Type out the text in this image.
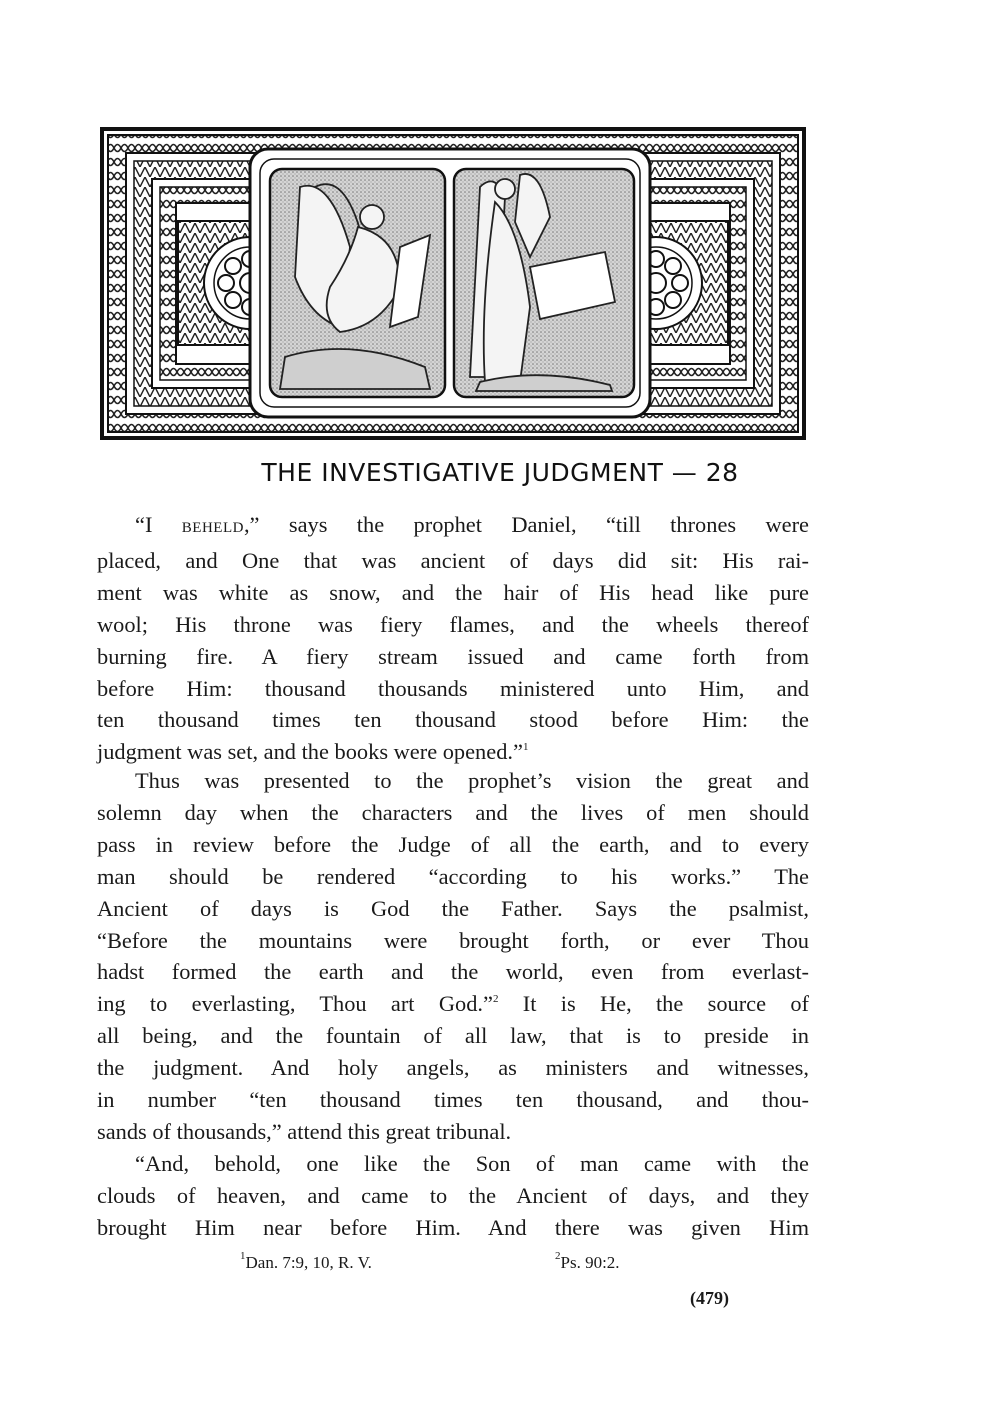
THE INVESTIGATIVE JUDGMENT — 28
“I BEHELD,” says the prophet Daniel, “till thrones were
placed, and One that was ancient of days did sit: His rai-
ment was white as snow, and the hair of His head like pure
wool; His throne was fiery flames, and the wheels thereof
burning fire. A fiery stream issued and came forth from
before Him: thousand thousands ministered unto Him, and
ten thousand times ten thousand stood before Him: the
judgment was set, and the books were opened.”$^1$
Thus was presented to the prophet’s vision the great and
solemn day when the characters and the lives of men should
pass in review before the Judge of all the earth, and to every
man should be rendered “according to his works.” The
Ancient of days is God the Father. Says the psalmist,
“Before the mountains were brought forth, or ever Thou
hadst formed the earth and the world, even from everlast-
ing to everlasting, Thou art God.”$^2$ It is He, the source of
all being, and the fountain of all law, that is to preside in
the judgment. And holy angels, as ministers and witnesses,
in number “ten thousand times ten thousand, and thou-
sands of thousands,” attend this great tribunal.
“And, behold, one like the Son of man came with the
clouds of heaven, and came to the Ancient of days, and they
brought Him near before Him. And there was given Him
$^1$Dan. 7:9, 10, R. V.	$^2$Ps. 90:2.
(479)
